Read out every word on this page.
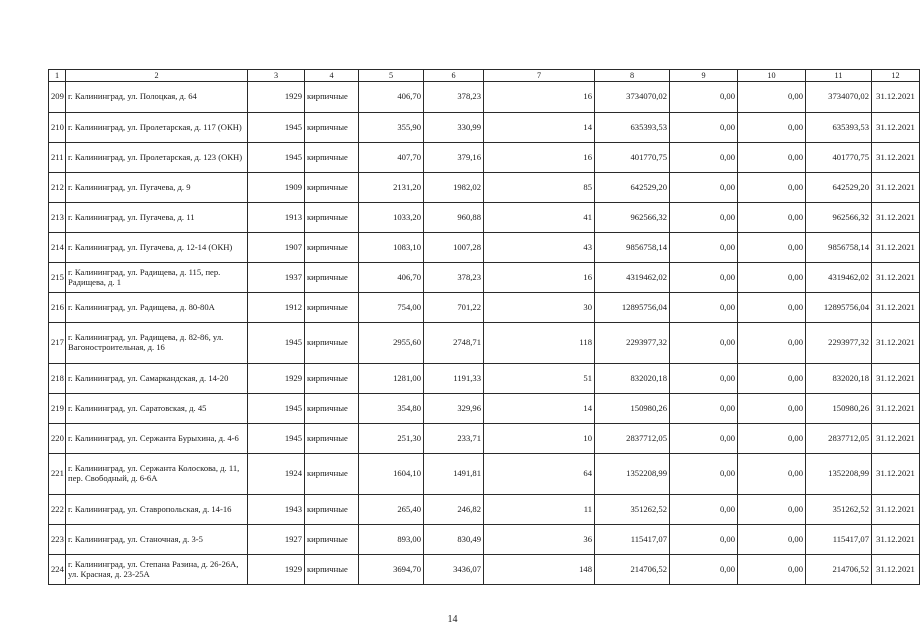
1	2	3	4	5	6	7	8	9	10	11	12
209	г. Калининград, ул. Полоцкая, д. 64	1929	кирпичные	406,70	378,23	16	3734070,02	0,00	0,00	3734070,02	31.12.2021
210	г. Калининград, ул. Пролетарская, д. 117 (ОКН)	1945	кирпичные	355,90	330,99	14	635393,53	0,00	0,00	635393,53	31.12.2021
211	г. Калининград, ул. Пролетарская, д. 123 (ОКН)	1945	кирпичные	407,70	379,16	16	401770,75	0,00	0,00	401770,75	31.12.2021
212	г. Калининград, ул. Пугачева, д. 9	1909	кирпичные	2131,20	1982,02	85	642529,20	0,00	0,00	642529,20	31.12.2021
213	г. Калининград, ул. Пугачева, д. 11	1913	кирпичные	1033,20	960,88	41	962566,32	0,00	0,00	962566,32	31.12.2021
214	г. Калининград, ул. Пугачева, д. 12-14 (ОКН)	1907	кирпичные	1083,10	1007,28	43	9856758,14	0,00	0,00	9856758,14	31.12.2021
215	г. Калининград, ул. Радищева, д. 115, пер. Радищева, д. 1	1937	кирпичные	406,70	378,23	16	4319462,02	0,00	0,00	4319462,02	31.12.2021
216	г. Калининград, ул. Радищева, д. 80-80А	1912	кирпичные	754,00	701,22	30	12895756,04	0,00	0,00	12895756,04	31.12.2021
217	г. Калининград, ул. Радищева, д. 82-86, ул. Вагоностроительная, д. 16	1945	кирпичные	2955,60	2748,71	118	2293977,32	0,00	0,00	2293977,32	31.12.2021
218	г. Калининград, ул. Самаркандская, д. 14-20	1929	кирпичные	1281,00	1191,33	51	832020,18	0,00	0,00	832020,18	31.12.2021
219	г. Калининград, ул. Саратовская, д. 45	1945	кирпичные	354,80	329,96	14	150980,26	0,00	0,00	150980,26	31.12.2021
220	г. Калининград, ул. Сержанта Бурыхина, д. 4-6	1945	кирпичные	251,30	233,71	10	2837712,05	0,00	0,00	2837712,05	31.12.2021
221	г. Калининград, ул. Сержанта Колоскова, д. 11, пер. Свободный, д. 6-6А	1924	кирпичные	1604,10	1491,81	64	1352208,99	0,00	0,00	1352208,99	31.12.2021
222	г. Калининград, ул. Ставропольская, д. 14-16	1943	кирпичные	265,40	246,82	11	351262,52	0,00	0,00	351262,52	31.12.2021
223	г. Калининград, ул. Станочная, д. 3-5	1927	кирпичные	893,00	830,49	36	115417,07	0,00	0,00	115417,07	31.12.2021
224	г. Калининград, ул. Степана Разина, д. 26-26А, ул. Красная, д. 23-25А	1929	кирпичные	3694,70	3436,07	148	214706,52	0,00	0,00	214706,52	31.12.2021
14
